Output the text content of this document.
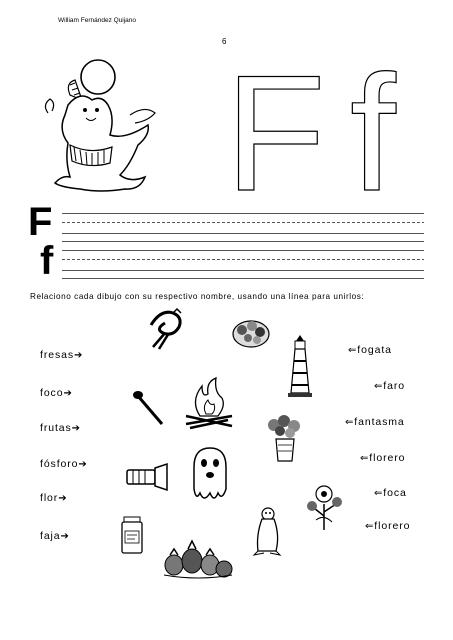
William Fernández Quijano
6
F f
F
f
Relaciono cada dibujo con su respectivo nombre, usando una línea para unirlos:
fresas➔
foco➔
frutas➔
fósforo➔
flor➔
faja➔
⇐fogata
⇐faro
⇐fantasma
⇐florero
⇐foca
⇐florero
